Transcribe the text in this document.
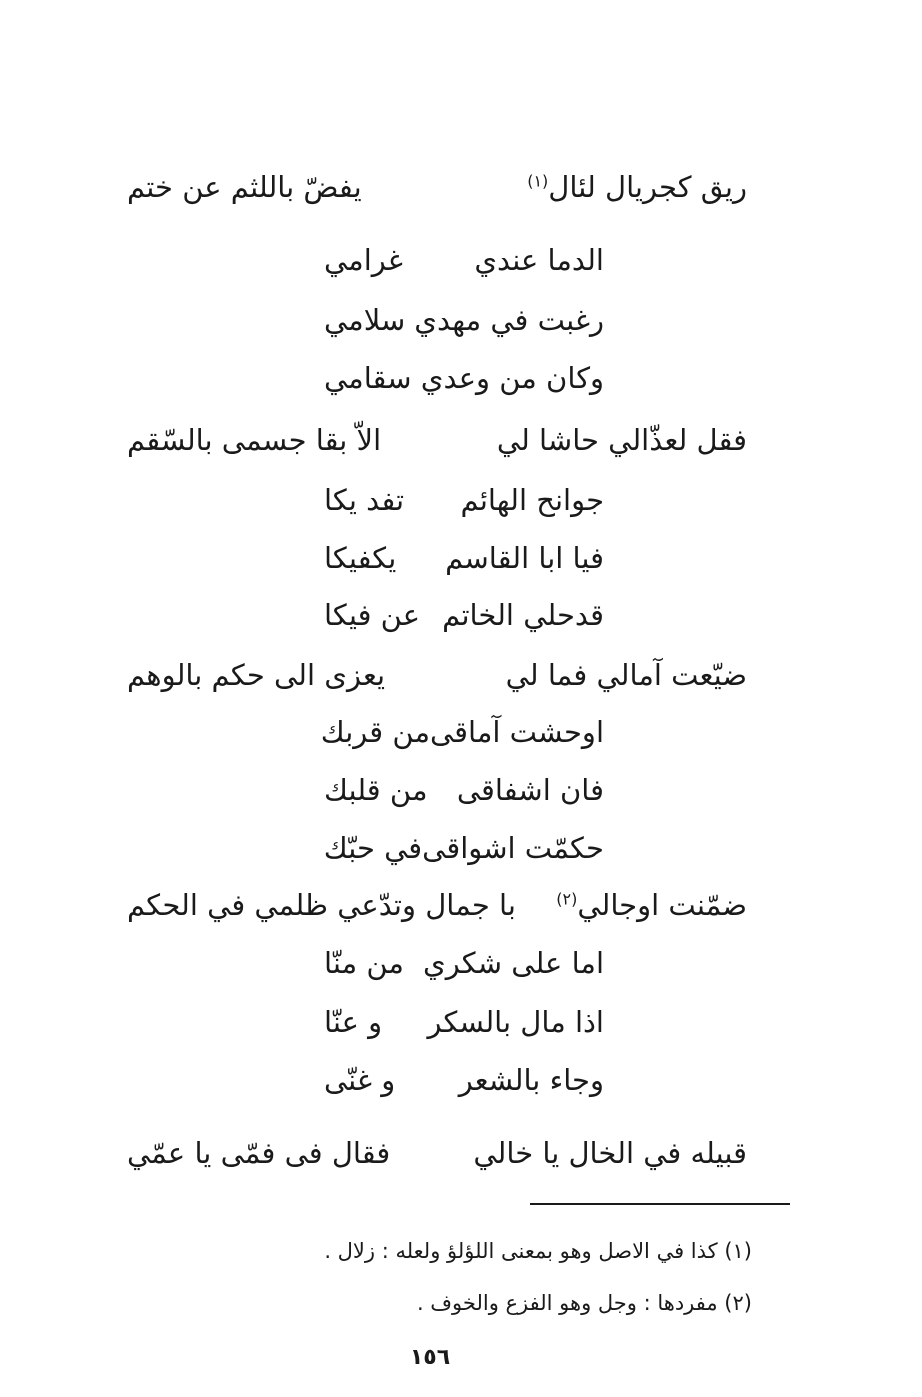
ريق كجريال لئال$^{(١)}$
يفضّ باللثم عن ختم
الدما عندي
غرامي
رغبت في مهدي
سلامي
وكان من وعدي
سقامي
فقل لعذّالي حاشا لي
الاّ بقا جسمى بالسّقم
جوانح الهائم
تفد يكا
فيا ابا القاسم
يكفيكا
قدحلي الخاتم
عن فيكا
ضيّعت آمالي فما لي
يعزى الى حكم بالوهم
اوحشت آماقى
من قربك
فان اشفاقى
من قلبك
حكمّت اشواقى
في حبّك
ضمّنت اوجالي$^{(٢)}$
با جمال وتدّعي ظلمي في الحكم
اما على شكري
من منّا
اذا مال بالسكر
و عنّا
وجاء بالشعر
و غنّى
قبيله في الخال يا خالي
فقال فى فمّى يا عمّي
(١) كذا في الاصل وهو بمعنى اللؤلؤ ولعله : زلال .
(٢) مفردها : وجل وهو الفزع والخوف .
١٥٦
